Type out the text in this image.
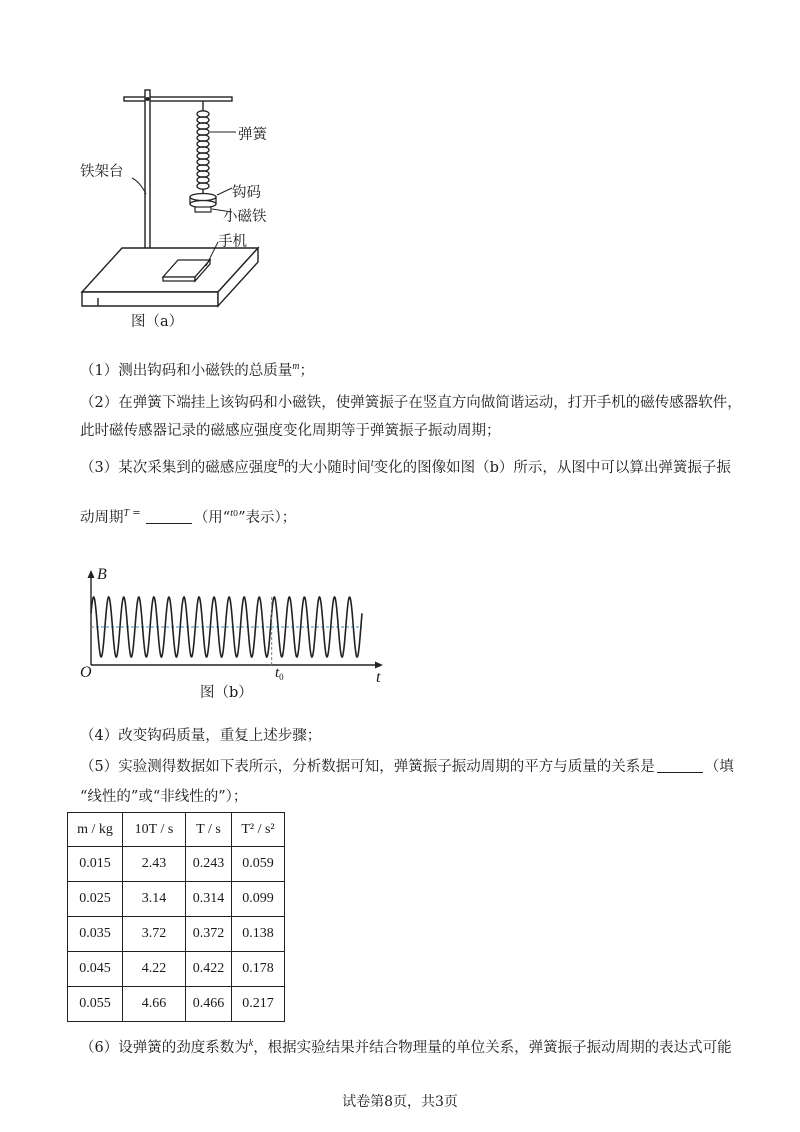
弹簧
铁架台
钩码
小磁铁
手机
图（a）
（1）测出钩码和小磁铁的总质量$^m$；
（2）在弹簧下端挂上该钩码和小磁铁，使弹簧振子在竖直方向做简谐运动，打开手机的磁传感器软件，
此时磁传感器记录的磁感应强度变化周期等于弹簧振子振动周期；
（3）某次采集到的磁感应强度$^B$的大小随时间$^t$变化的图像如图（b）所示，从图中可以算出弹簧振子振
动周期$^T$ =	（用“$^{t0}$”表示）；
B
O	t
$t_0$
图（b）
（4）改变钩码质量，重复上述步骤；
（5）实验测得数据如下表所示，分析数据可知，弹簧振子振动周期的平方与质量的关系是	（填
“线性的”或“非线性的”）；
m / kg	10T / s	T / s	T² / s²
0.015	2.43	0.243	0.059
0.025	3.14	0.314	0.099
0.035	3.72	0.372	0.138
0.045	4.22	0.422	0.178
0.055	4.66	0.466	0.217
（6）设弹簧的劲度系数为$^k$，根据实验结果并结合物理量的单位关系，弹簧振子振动周期的表达式可能
试卷第8页，共3页
